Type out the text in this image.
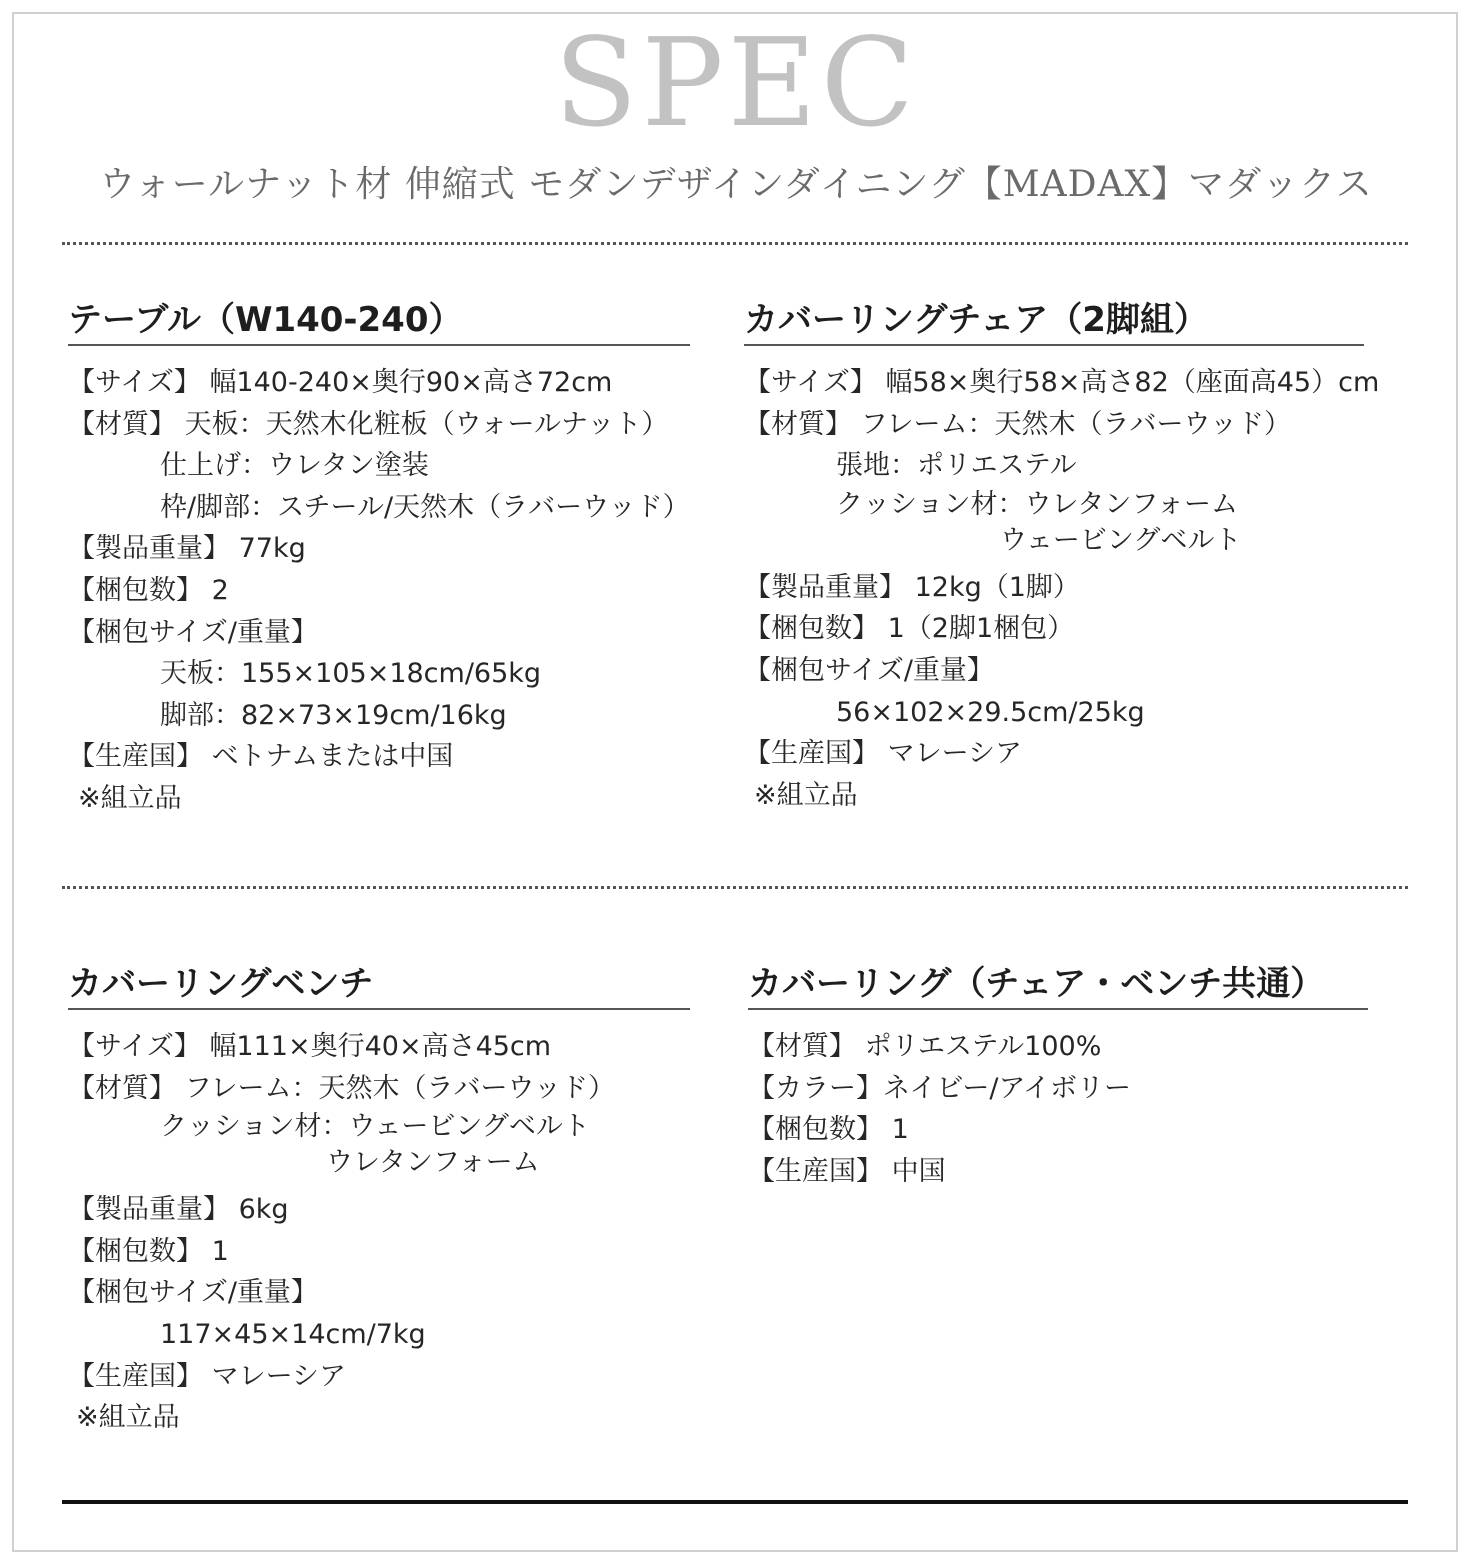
SPEC
ウォールナット材 伸縮式 モダンデザインダイニング【MADAX】マダックス
テーブル（W140-240）
【サイズ】 幅140-240×奥行90×高さ72cm
【材質】 天板：天然木化粧板（ウォールナット）
仕上げ：ウレタン塗装
枠/脚部：スチール/天然木（ラバーウッド）
【製品重量】 77kg
【梱包数】 2
【梱包サイズ/重量】
天板：155×105×18cm/65kg
脚部：82×73×19cm/16kg
【生産国】 ベトナムまたは中国
※組立品
カバーリングチェア（2脚組）
【サイズ】 幅58×奥行58×高さ82（座面高45）cm
【材質】 フレーム：天然木（ラバーウッド）
張地：ポリエステル
クッション材：ウレタンフォーム
ウェービングベルト
【製品重量】 12kg（1脚）
【梱包数】 1（2脚1梱包）
【梱包サイズ/重量】
56×102×29.5cm/25kg
【生産国】 マレーシア
※組立品
カバーリングベンチ
【サイズ】 幅111×奥行40×高さ45cm
【材質】 フレーム：天然木（ラバーウッド）
クッション材：ウェービングベルト
ウレタンフォーム
【製品重量】 6kg
【梱包数】 1
【梱包サイズ/重量】
117×45×14cm/7kg
【生産国】 マレーシア
※組立品
カバーリング（チェア・ベンチ共通）
【材質】 ポリエステル100%
【カラー】ネイビー/アイボリー
【梱包数】 1
【生産国】 中国
